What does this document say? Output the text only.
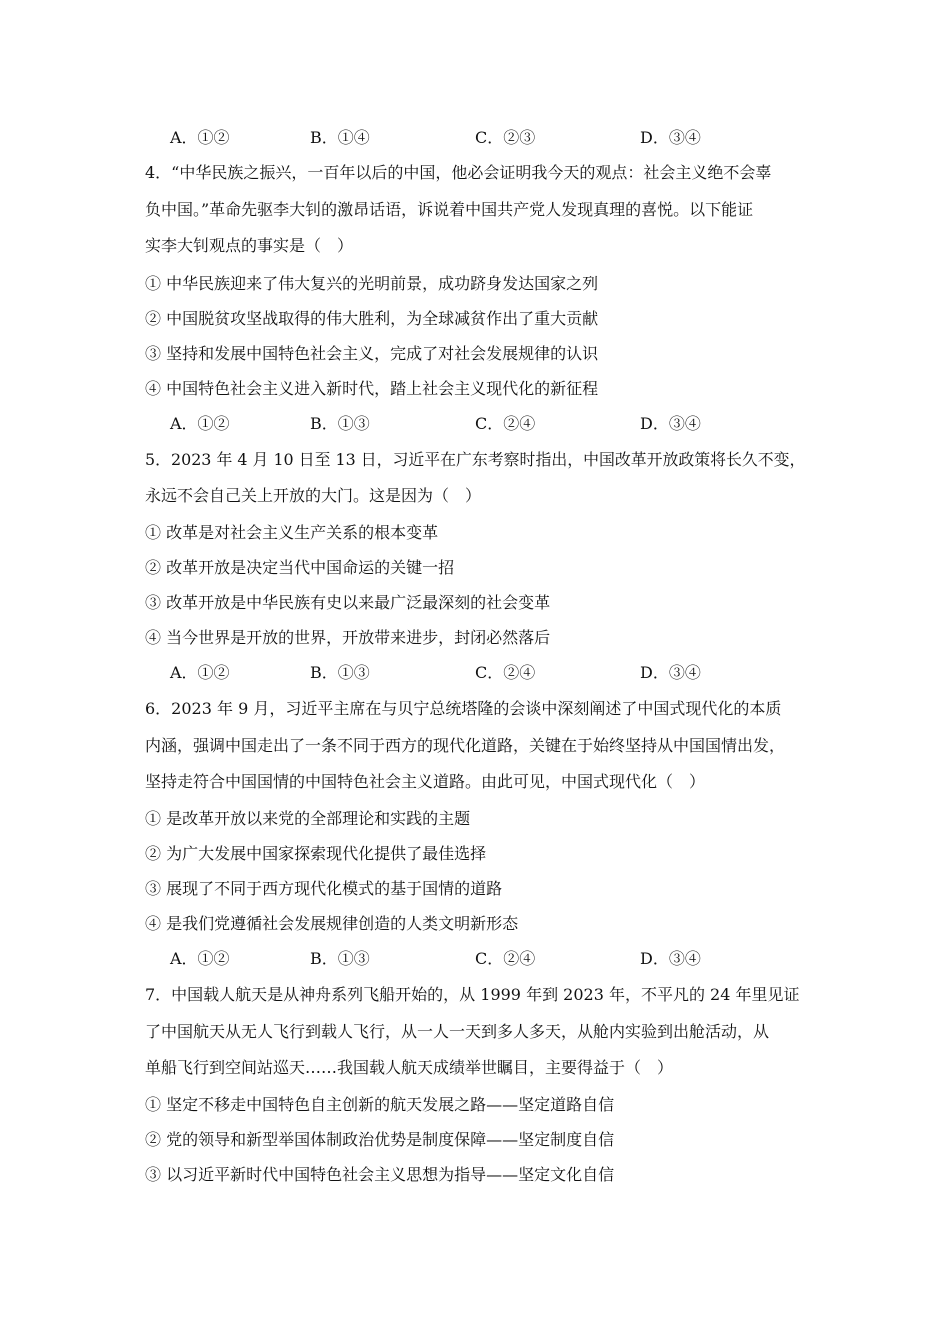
A．①②	B．①④	C．②③	D．③④
4．“中华民族之振兴，一百年以后的中国，他必会证明我今天的观点：社会主义绝不会辜
负中国。”革命先驱李大钊的激昂话语，诉说着中国共产党人发现真理的喜悦。以下能证
实李大钊观点的事实是（　）
① 中华民族迎来了伟大复兴的光明前景，成功跻身发达国家之列
② 中国脱贫攻坚战取得的伟大胜利，为全球减贫作出了重大贡献
③ 坚持和发展中国特色社会主义，完成了对社会发展规律的认识
④ 中国特色社会主义进入新时代，踏上社会主义现代化的新征程
A．①②	B．①③	C．②④	D．③④
5．2023 年 4 月 10 日至 13 日，习近平在广东考察时指出，中国改革开放政策将长久不变，
永远不会自己关上开放的大门。这是因为（　）
① 改革是对社会主义生产关系的根本变革
② 改革开放是决定当代中国命运的关键一招
③ 改革开放是中华民族有史以来最广泛最深刻的社会变革
④ 当今世界是开放的世界，开放带来进步，封闭必然落后
A．①②	B．①③	C．②④	D．③④
6．2023 年 9 月，习近平主席在与贝宁总统塔隆的会谈中深刻阐述了中国式现代化的本质
内涵，强调中国走出了一条不同于西方的现代化道路，关键在于始终坚持从中国国情出发，
坚持走符合中国国情的中国特色社会主义道路。由此可见，中国式现代化（　）
① 是改革开放以来党的全部理论和实践的主题
② 为广大发展中国家探索现代化提供了最佳选择
③ 展现了不同于西方现代化模式的基于国情的道路
④ 是我们党遵循社会发展规律创造的人类文明新形态
A．①②	B．①③	C．②④	D．③④
7．中国载人航天是从神舟系列飞船开始的，从 1999 年到 2023 年，不平凡的 24 年里见证
了中国航天从无人飞行到载人飞行，从一人一天到多人多天，从舱内实验到出舱活动，从
单船飞行到空间站巡天……我国载人航天成绩举世瞩目，主要得益于（　）
① 坚定不移走中国特色自主创新的航天发展之路——坚定道路自信
② 党的领导和新型举国体制政治优势是制度保障——坚定制度自信
③ 以习近平新时代中国特色社会主义思想为指导——坚定文化自信
